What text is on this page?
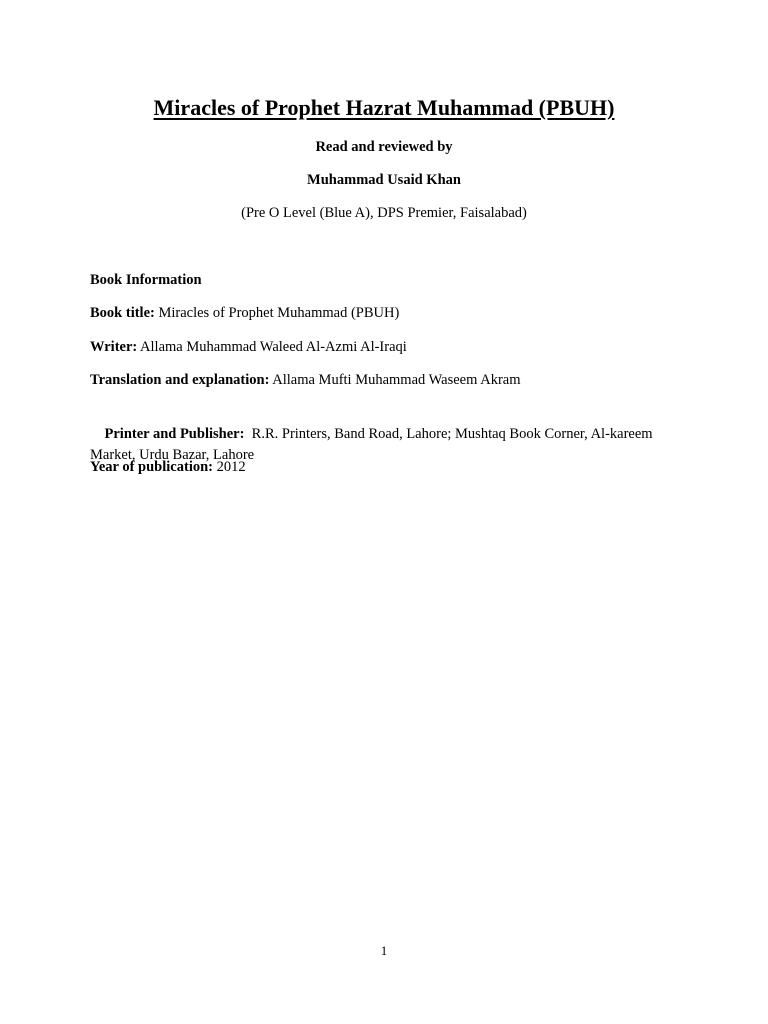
Miracles of Prophet Hazrat Muhammad (PBUH)

Read and reviewed by

Muhammad Usaid Khan

(Pre O Level (Blue A), DPS Premier, Faisalabad)

Book Information

Book title: Miracles of Prophet Muhammad (PBUH)

Writer: Allama Muhammad Waleed Al-Azmi Al-Iraqi

Translation and explanation: Allama Mufti Muhammad Waseem Akram

Printer and Publisher:  R.R. Printers, Band Road, Lahore; Mushtaq Book Corner, Al-kareem Market, Urdu Bazar, Lahore

Year of publication: 2012

1
